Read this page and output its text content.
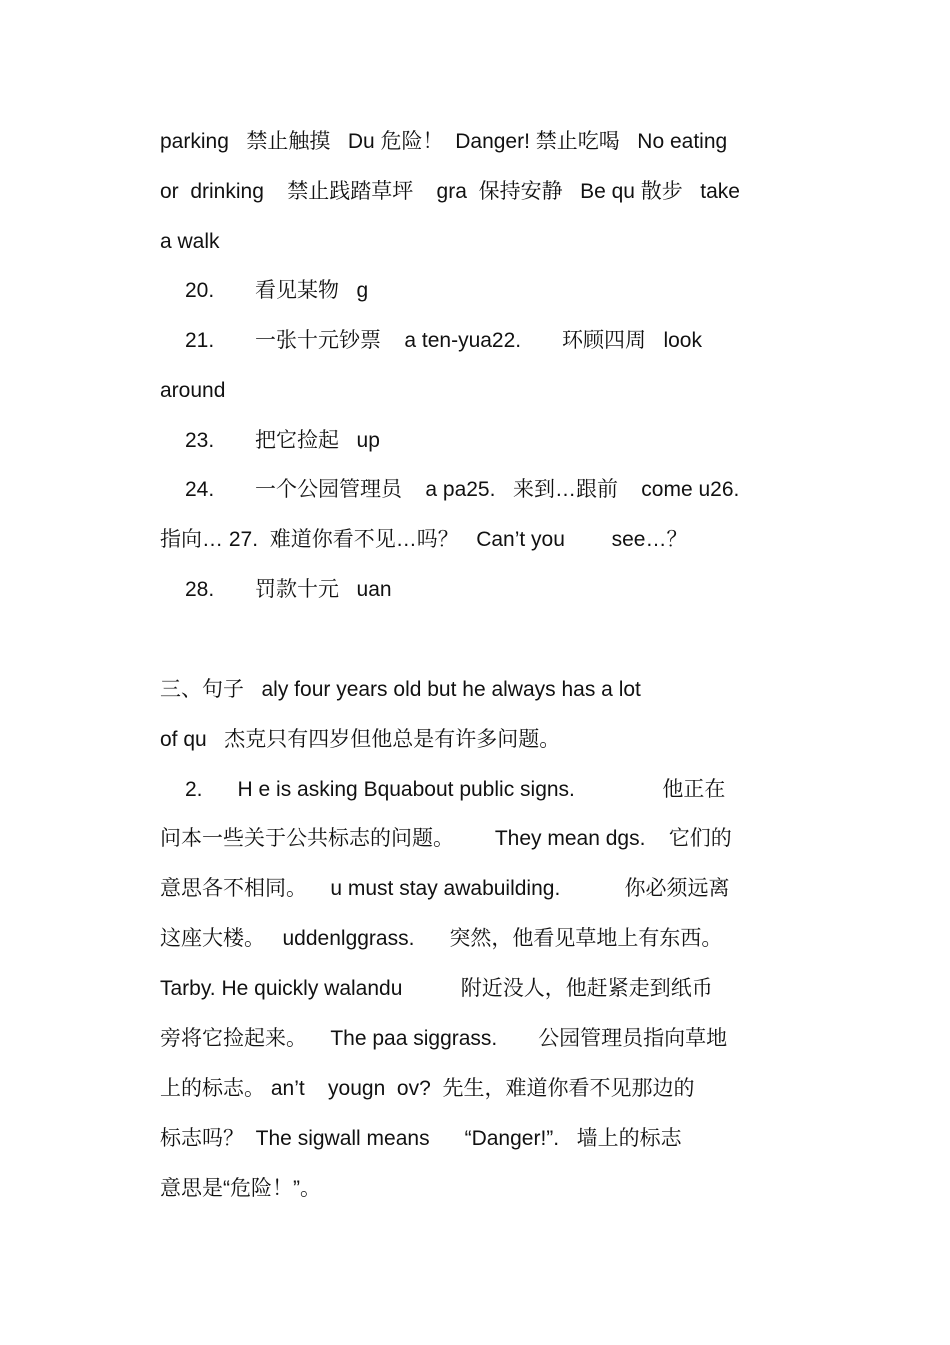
parking   禁止触摸   Du 危险！  Danger! 禁止吃喝   No eating
or  drinking    禁止践踏草坪    gra  保持安静   Be qu 散步   take
a walk
20.       看见某物   g
21.       一张十元钞票    a ten-yua22.       环顾四周   look
around
23.       把它捡起   up
24.       一个公园管理员    a pa25.   来到…跟前    come u26.
指向… 27.  难道你看不见…吗？   Can’t you        see…？
28.       罚款十元   uan
三、句子   aly four years old but he always has a lot
of qu   杰克只有四岁但他总是有许多问题。
2.      H e is asking Bquabout public signs.               他正在
问本一些关于公共标志的问题。       They mean dgs.    它们的
意思各不相同。    u must stay awabuilding.           你必须远离
这座大楼。   uddenlggrass.      突然，他看见草地上有东西。
Tarby. He quickly walandu          附近没人，他赶紧走到纸币
旁将它捡起来。    The paa siggrass.       公园管理员指向草地
上的标志。 an’t    yougn  ov?  先生，难道你看不见那边的
标志吗？  The sigwall means      “Danger!”.   墙上的标志
意思是“危险！”。
